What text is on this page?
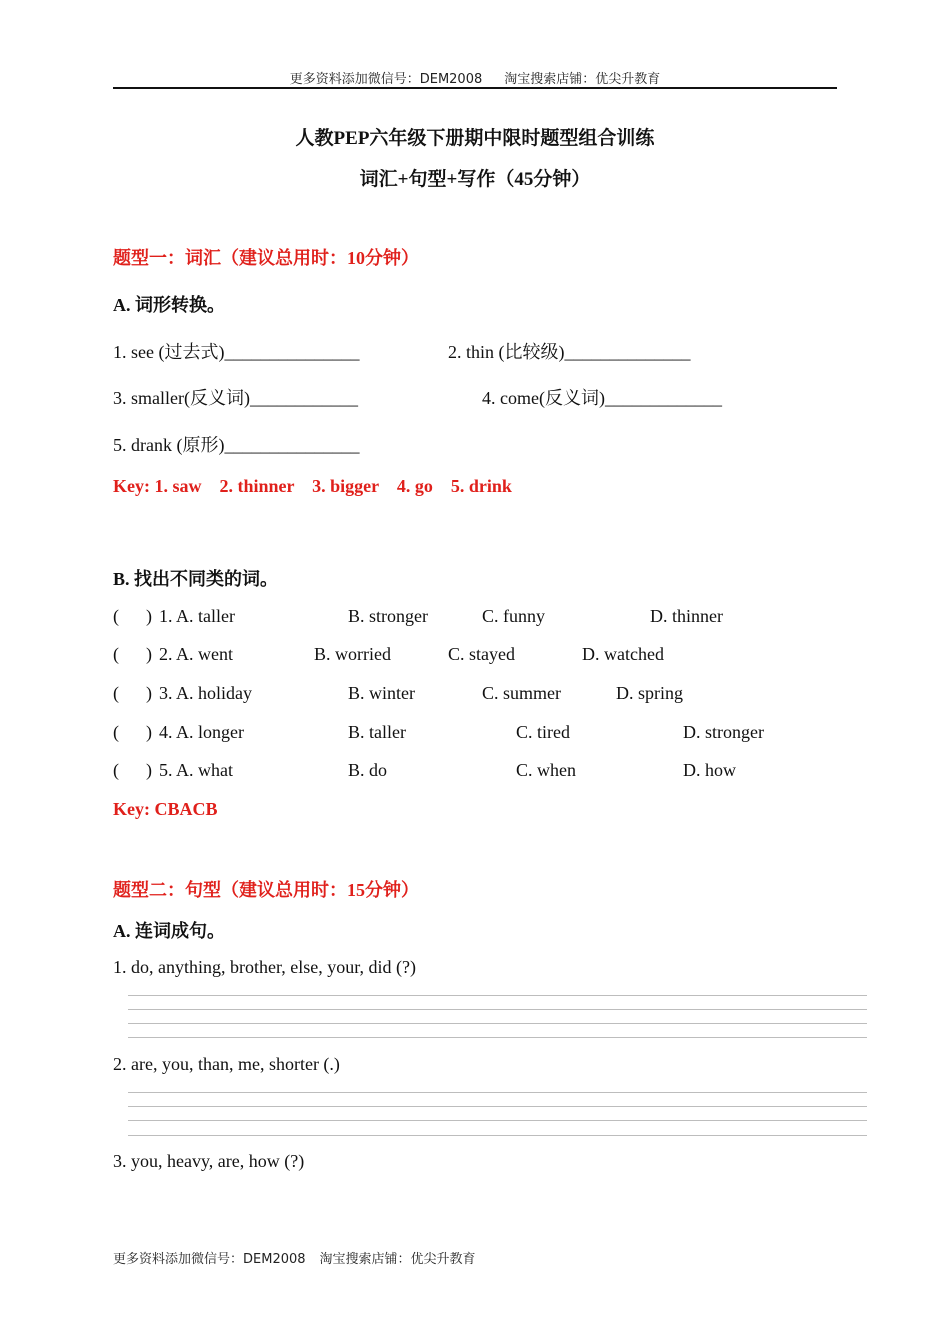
更多资料添加微信号：DEM2008 淘宝搜索店铺：优尖升教育
人教PEP六年级下册期中限时题型组合训练
词汇+句型+写作（45分钟）
题型一：词汇（建议总用时：10分钟）
A. 词形转换。
1. see (过去式)_______________	2. thin (比较级)______________
3. smaller(反义词)____________	4. come(反义词)_____________
5. drank (原形)_______________
Key: 1. saw    2. thinner    3. bigger    4. go    5. drink
B. 找出不同类的词。
(      ) 1. A. taller	B. stronger	C. funny	D. thinner
(      ) 2. A. went	B. worried	C. stayed	D. watched
(      ) 3. A. holiday	B. winter	C. summer	D. spring
(      ) 4. A. longer	B. taller	C. tired	D. stronger
(      ) 5. A. what	B. do	C. when	D. how
Key: CBACB
题型二：句型（建议总用时：15分钟）
A. 连词成句。
1. do, anything, brother, else, your, did (?)
2. are, you, than, me, shorter (.)
3. you, heavy, are, how (?)
更多资料添加微信号：DEM2008 淘宝搜索店铺：优尖升教育
